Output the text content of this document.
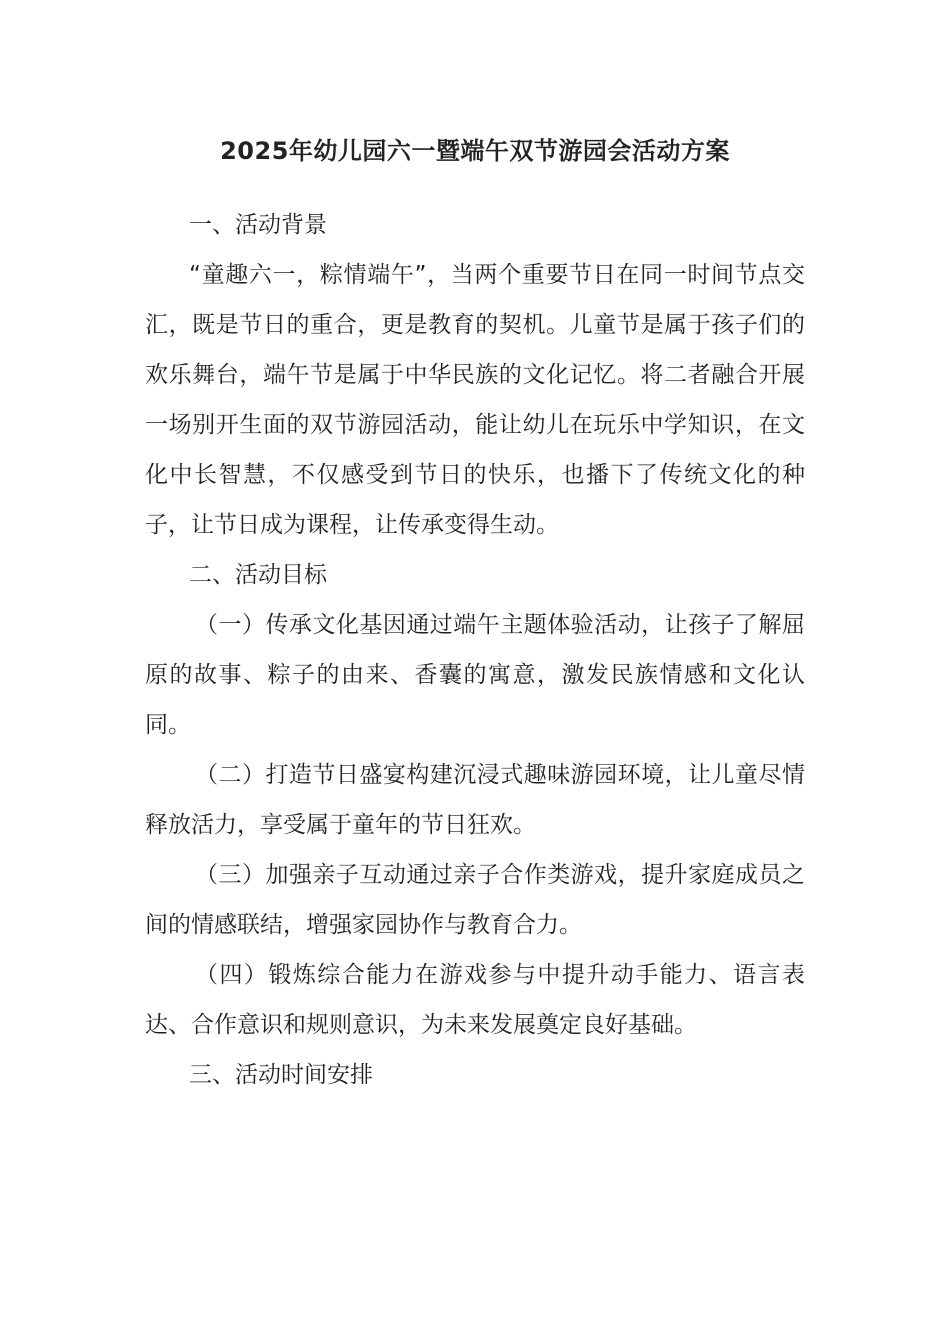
2025年幼儿园六一暨端午双节游园会活动方案

一、活动背景

“童趣六一，粽情端午”，当两个重要节日在同一时间节点交汇，既是节日的重合，更是教育的契机。儿童节是属于孩子们的欢乐舞台，端午节是属于中华民族的文化记忆。将二者融合开展一场别开生面的双节游园活动，能让幼儿在玩乐中学知识，在文化中长智慧，不仅感受到节日的快乐，也播下了传统文化的种子，让节日成为课程，让传承变得生动。

二、活动目标

（一）传承文化基因通过端午主题体验活动，让孩子了解屈原的故事、粽子的由来、香囊的寓意，激发民族情感和文化认同。

（二）打造节日盛宴构建沉浸式趣味游园环境，让儿童尽情释放活力，享受属于童年的节日狂欢。

（三）加强亲子互动通过亲子合作类游戏，提升家庭成员之间的情感联结，增强家园协作与教育合力。

（四）锻炼综合能力在游戏参与中提升动手能力、语言表达、合作意识和规则意识，为未来发展奠定良好基础。

三、活动时间安排
